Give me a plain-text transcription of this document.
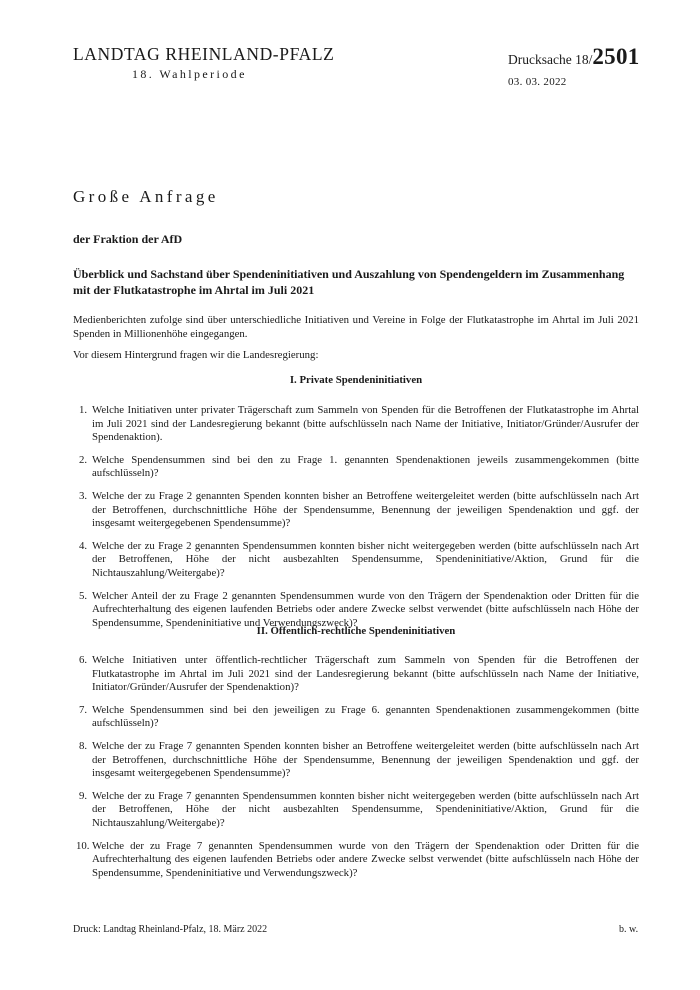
LANDTAG RHEINLAND-PFALZ
18. Wahlperiode
Drucksache 18/2501
03. 03. 2022
Große Anfrage
der Fraktion der AfD
Überblick und Sachstand über Spendeninitiativen und Auszahlung von Spendengeldern im Zusammenhang mit der Flutkatastrophe im Ahrtal im Juli 2021
Medienberichten zufolge sind über unterschiedliche Initiativen und Vereine in Folge der Flutkatastrophe im Ahrtal im Juli 2021 Spenden in Millionenhöhe eingegangen.
Vor diesem Hintergrund fragen wir die Landesregierung:
I. Private Spendeninitiativen
1. Welche Initiativen unter privater Trägerschaft zum Sammeln von Spenden für die Betroffenen der Flutkatastrophe im Ahrtal im Juli 2021 sind der Landesregierung bekannt (bitte aufschlüsseln nach Name der Initiative, Initiator/Gründer/Ausrufer der Spendenaktion).
2. Welche Spendensummen sind bei den zu Frage 1. genannten Spendenaktionen jeweils zusammengekommen (bitte aufschlüsseln)?
3. Welche der zu Frage 2 genannten Spenden konnten bisher an Betroffene weitergeleitet werden (bitte aufschlüsseln nach Art der Betroffenen, durchschnittliche Höhe der Spendensumme, Benennung der jeweiligen Spendenaktion und ggf. der insgesamt weitergegebenen Spendensumme)?
4. Welche der zu Frage 2 genannten Spendensummen konnten bisher nicht weitergegeben werden (bitte aufschlüsseln nach Art der Betroffenen, Höhe der nicht ausbezahlten Spendensumme, Spendeninitiative/Aktion, Grund für die Nichtauszahlung/Weitergabe)?
5. Welcher Anteil der zu Frage 2 genannten Spendensummen wurde von den Trägern der Spendenaktion oder Dritten für die Aufrechterhaltung des eigenen laufenden Betriebs oder andere Zwecke selbst verwendet (bitte aufschlüsseln nach Höhe der Spendensumme, Spendeninitiative und Verwendungszweck)?
II. Öffentlich-rechtliche Spendeninitiativen
6. Welche Initiativen unter öffentlich-rechtlicher Trägerschaft zum Sammeln von Spenden für die Betroffenen der Flutkatastrophe im Ahrtal im Juli 2021 sind der Landesregierung bekannt (bitte aufschlüsseln nach Name der Initiative, Initiator/Gründer/Ausrufer der Spendenaktion)?
7. Welche Spendensummen sind bei den jeweiligen zu Frage 6. genannten Spendenaktionen zusammengekommen (bitte aufschlüsseln)?
8. Welche der zu Frage 7 genannten Spenden konnten bisher an Betroffene weitergeleitet werden (bitte aufschlüsseln nach Art der Betroffenen, durchschnittliche Höhe der Spendensumme, Benennung der jeweiligen Spendenaktion und ggf. der insgesamt weitergegebenen Spendensumme)?
9. Welche der zu Frage 7 genannten Spendensummen konnten bisher nicht weitergegeben werden (bitte aufschlüsseln nach Art der Betroffenen, Höhe der nicht ausbezahlten Spendensumme, Spendeninitiative/Aktion, Grund für die Nichtauszahlung/Weitergabe)?
10. Welche der zu Frage 7 genannten Spendensummen wurde von den Trägern der Spendenaktion oder Dritten für die Aufrechterhaltung des eigenen laufenden Betriebs oder andere Zwecke selbst verwendet (bitte aufschlüsseln nach Höhe der Spendensumme, Spendeninitiative und Verwendungszweck)?
Druck: Landtag Rheinland-Pfalz, 18. März 2022	b. w.
